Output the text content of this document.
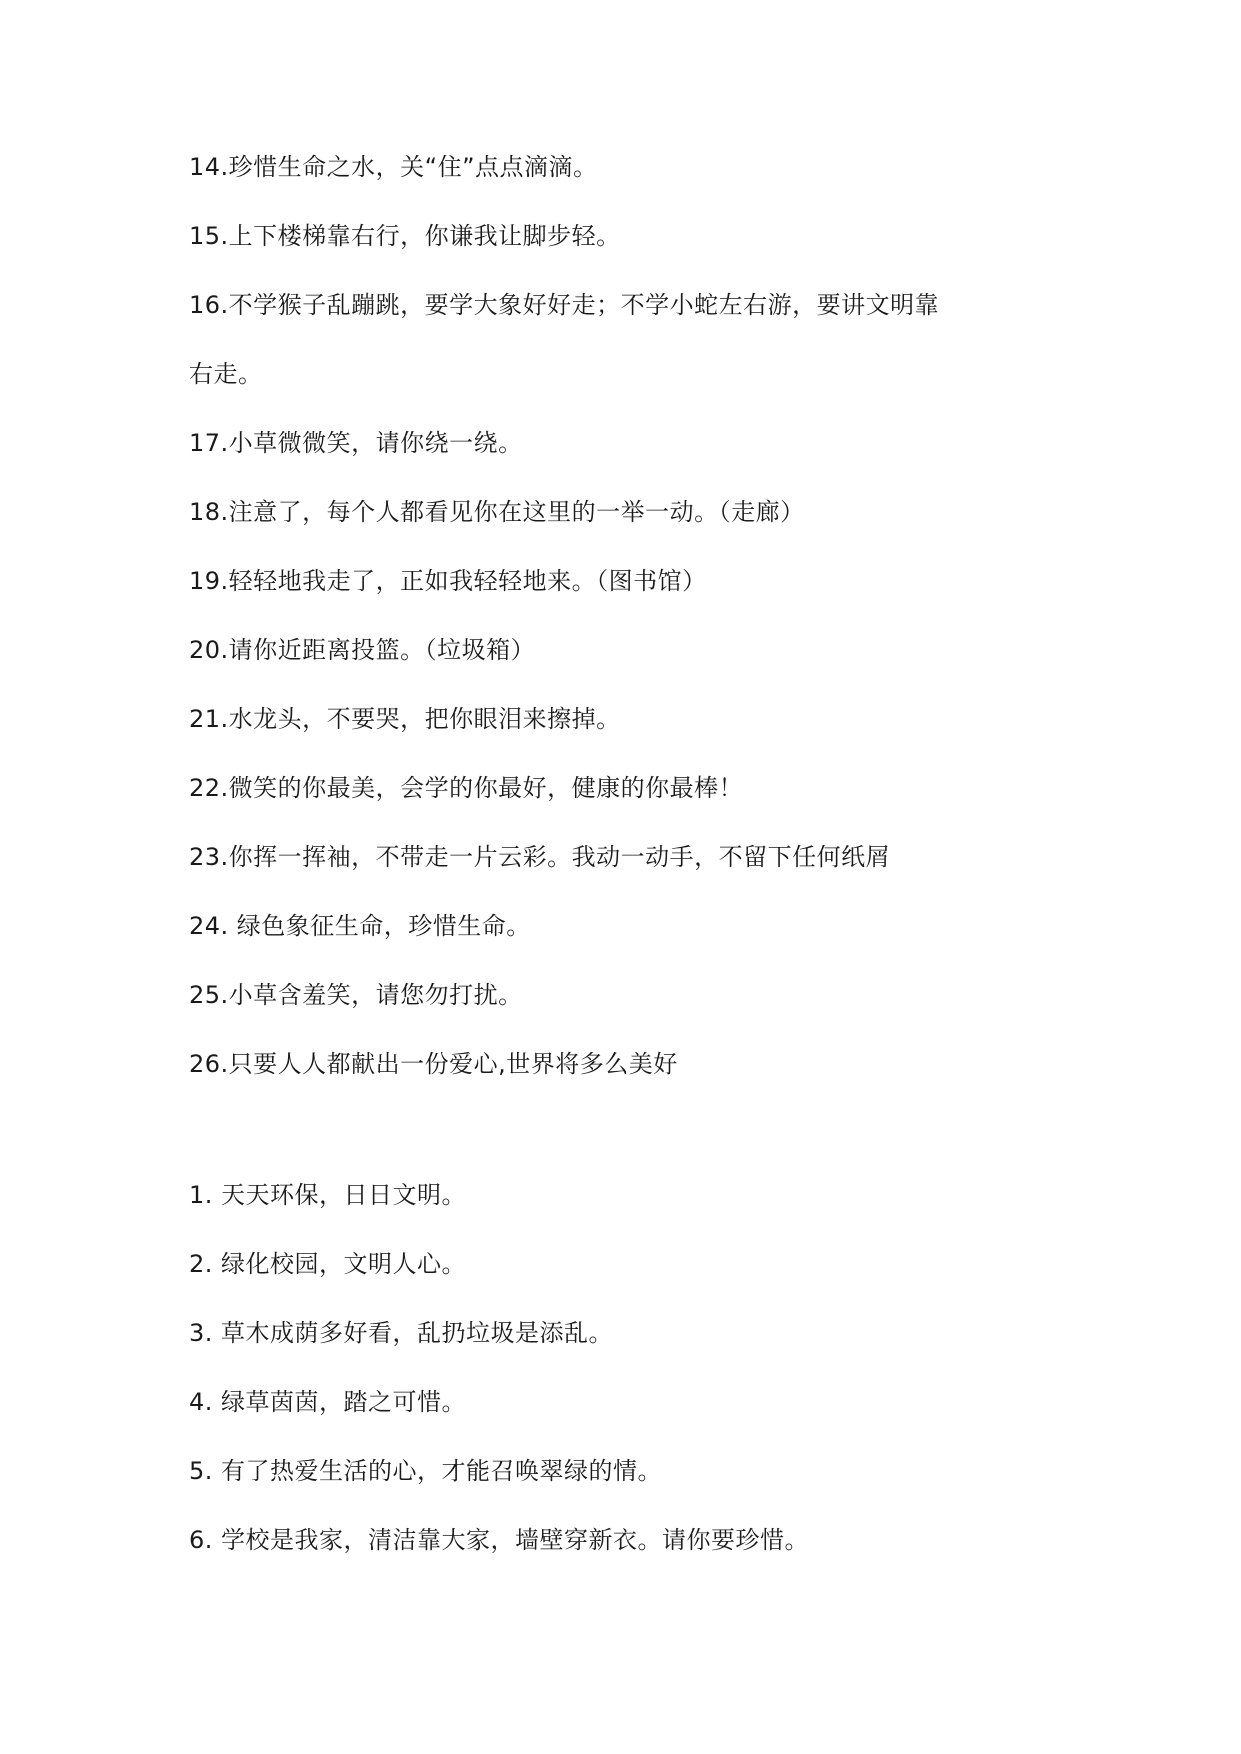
14.珍惜生命之水，关“住”点点滴滴。
15.上下楼梯靠右行，你谦我让脚步轻。
16.不学猴子乱蹦跳，要学大象好好走；不学小蛇左右游，要讲文明靠
右走。
17.小草微微笑，请你绕一绕。
18.注意了，每个人都看见你在这里的一举一动。（走廊）
19.轻轻地我走了，正如我轻轻地来。（图书馆）
20.请你近距离投篮。（垃圾箱）
21.水龙头，不要哭，把你眼泪来擦掉。
22.微笑的你最美，会学的你最好，健康的你最棒！
23.你挥一挥袖，不带走一片云彩。我动一动手，不留下任何纸屑
24. 绿色象征生命，珍惜生命。
25.小草含羞笑，请您勿打扰。
26.只要人人都献出一份爱心,世界将多么美好
1. 天天环保，日日文明。
2. 绿化校园，文明人心。
3. 草木成荫多好看，乱扔垃圾是添乱。
4. 绿草茵茵，踏之可惜。
5. 有了热爱生活的心，才能召唤翠绿的情。
6. 学校是我家，清洁靠大家，墙壁穿新衣。请你要珍惜。
